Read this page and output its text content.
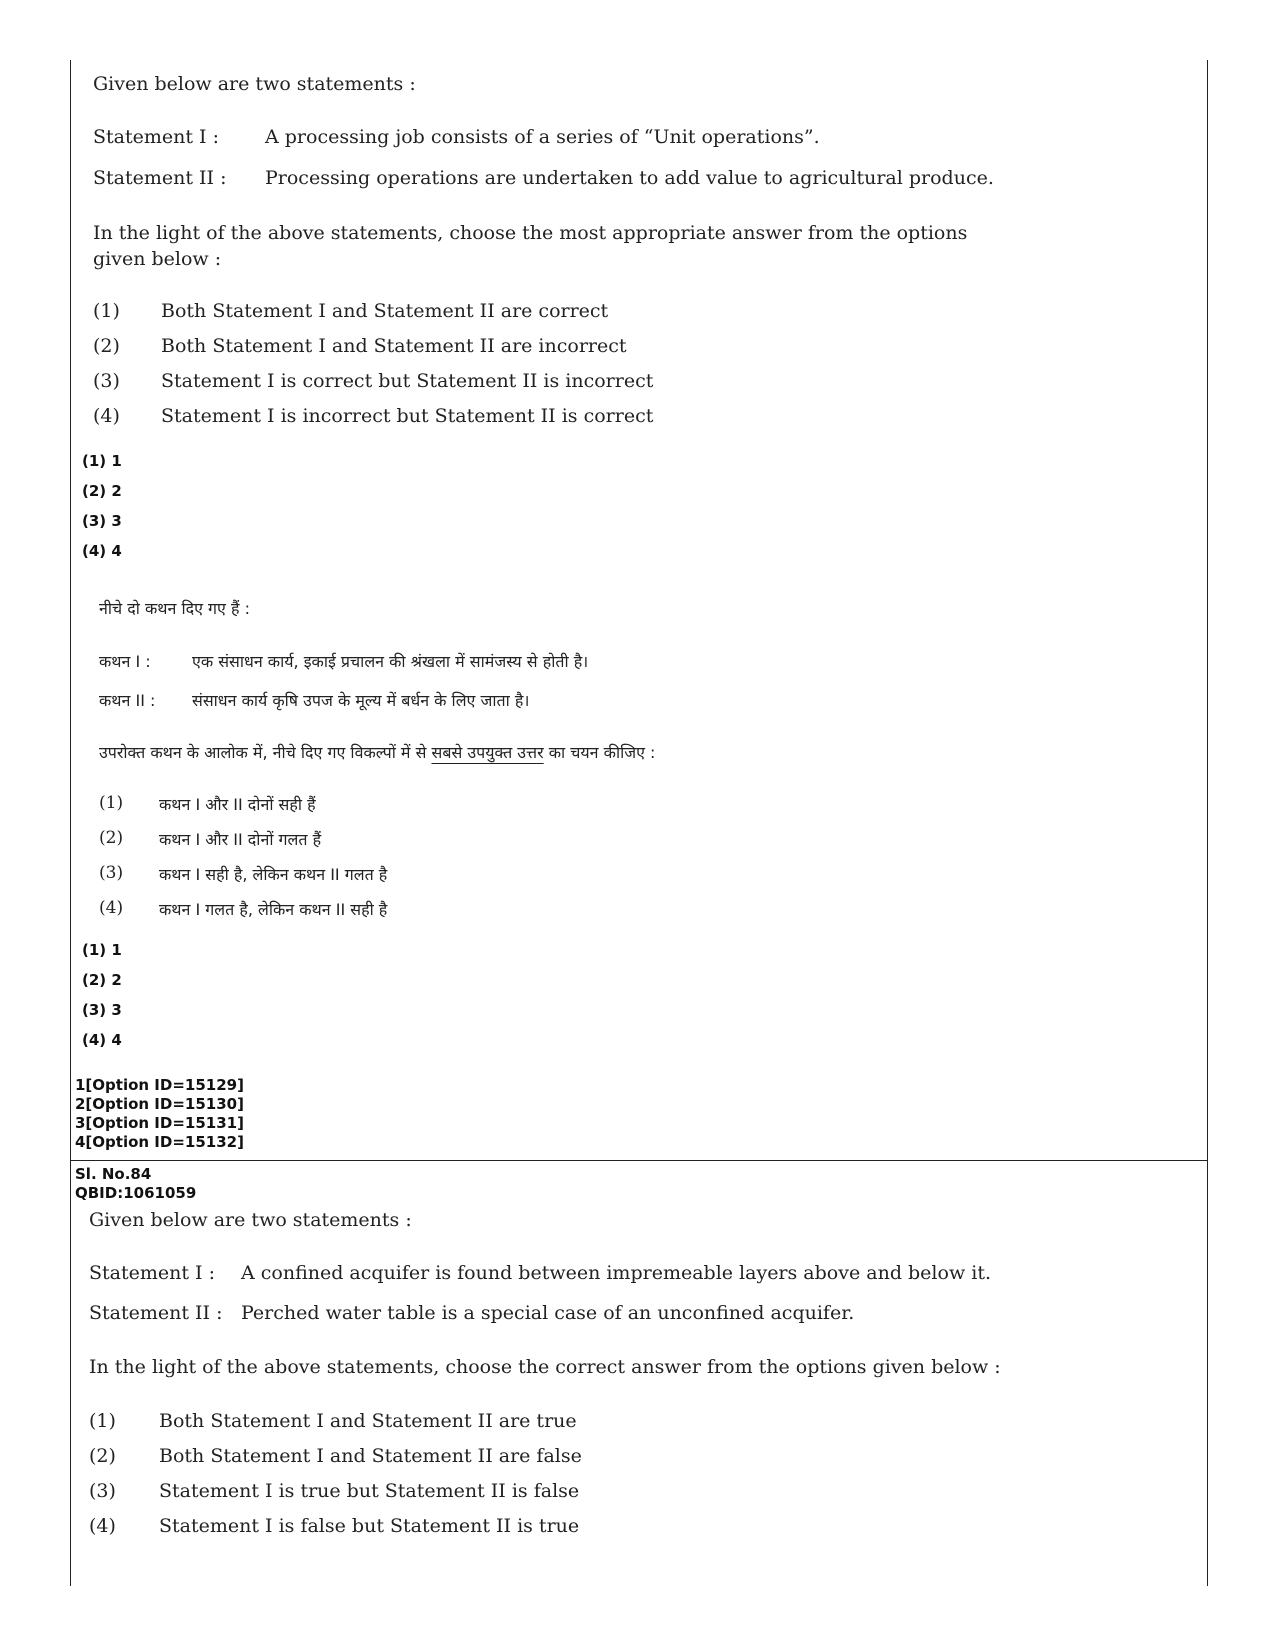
Given below are two statements :
Statement I : A processing job consists of a series of “Unit operations”.
Statement II : Processing operations are undertaken to add value to agricultural produce.
In the light of the above statements, choose the most appropriate answer from the options given below :
(1) Both Statement I and Statement II are correct
(2) Both Statement I and Statement II are incorrect
(3) Statement I is correct but Statement II is incorrect
(4) Statement I is incorrect but Statement II is correct
(1) 1
(2) 2
(3) 3
(4) 4
नीचे दो कथन दिए गए हैं :
कथन I :	एक संसाधन कार्य, इकाई प्रचालन की श्रंखला में सामंजस्य से होती है।
कथन II : संसाधन कार्य कृषि उपज के मूल्य में बर्धन के लिए जाता है।
उपरोक्त कथन के आलोक में, नीचे दिए गए विकल्पों में से सबसे उपयुक्त उत्तर का चयन कीजिए :
(1) कथन I और II दोनों सही हैं
(2) कथन I और II दोनों गलत हैं
(3) कथन I सही है, लेकिन कथन II गलत है
(4) कथन I गलत है, लेकिन कथन II सही है
(1) 1
(2) 2
(3) 3
(4) 4
1[Option ID=15129]
2[Option ID=15130]
3[Option ID=15131]
4[Option ID=15132]
Sl. No.84
QBID:1061059
Given below are two statements :
Statement I : A confined acquifer is found between impremeable layers above and below it.
Statement II : Perched water table is a special case of an unconfined acquifer.
In the light of the above statements, choose the correct answer from the options given below :
(1) Both Statement I and Statement II are true
(2) Both Statement I and Statement II are false
(3) Statement I is true but Statement II is false
(4) Statement I is false but Statement II is true
